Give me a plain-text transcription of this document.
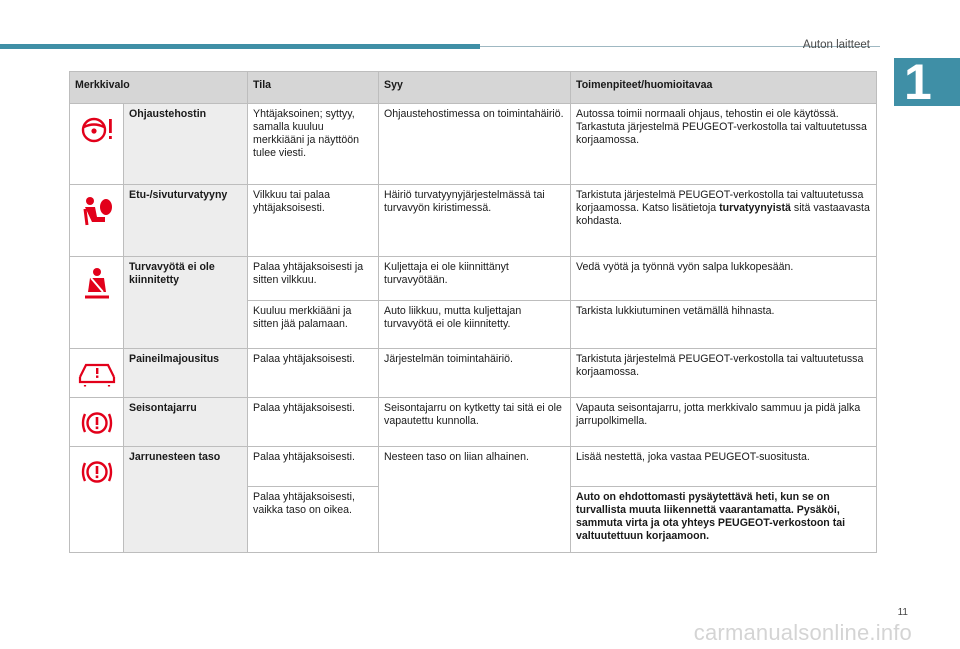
Auton laitteet
1
Merkkivalo		Tila	Syy	Toimenpiteet/huomioitavaa
	Ohjaustehostin	Yhtäjaksoinen; syttyy, samalla kuuluu merkkiääni ja näyttöön tulee viesti.	Ohjaustehostimessa on toimintahäiriö.	Autossa toimii normaali ohjaus, tehostin ei ole käytössä. Tarkastuta järjestelmä PEUGEOT-verkostolla tai valtuutetussa korjaamossa.
	Etu-/sivuturvatyyny	Vilkkuu tai palaa yhtäjaksoisesti.	Häiriö turvatyynyjärjestelmässä tai turvavyön kiristimessä.	Tarkistuta järjestelmä PEUGEOT-verkostolla tai valtuutetussa korjaamossa. Katso lisätietoja turvatyynyistä sitä vastaavasta kohdasta.
	Turvavyötä ei ole kiinnitetty	Palaa yhtäjaksoisesti ja sitten vilkkuu.	Kuljettaja ei ole kiinnittänyt turvavyötään.	Vedä vyötä ja työnnä vyön salpa lukkopesään.
		Kuuluu merkkiääni ja sitten jää palamaan.	Auto liikkuu, mutta kuljettajan turvavyötä ei ole kiinnitetty.	Tarkista lukkiutuminen vetämällä hihnasta.
	Paineilmajousitus	Palaa yhtäjaksoisesti.	Järjestelmän toimintahäiriö.	Tarkistuta järjestelmä PEUGEOT-verkostolla tai valtuutetussa korjaamossa.
	Seisontajarru	Palaa yhtäjaksoisesti.	Seisontajarru on kytketty tai sitä ei ole vapautettu kunnolla.	Vapauta seisontajarru, jotta merkkivalo sammuu ja pidä jalka jarrupolkimella.
	Jarrunesteen taso	Palaa yhtäjaksoisesti.	Nesteen taso on liian alhainen.	Lisää nestettä, joka vastaa PEUGEOT-suositusta.
		Palaa yhtäjaksoisesti, vaikka taso on oikea.		Auto on ehdottomasti pysäytettävä heti, kun se on turvallista muuta liikennettä vaarantamatta. Pysäköi, sammuta virta ja ota yhteys PEUGEOT-verkostoon tai valtuutettuun korjaamoon.
11
carmanualsonline.info
